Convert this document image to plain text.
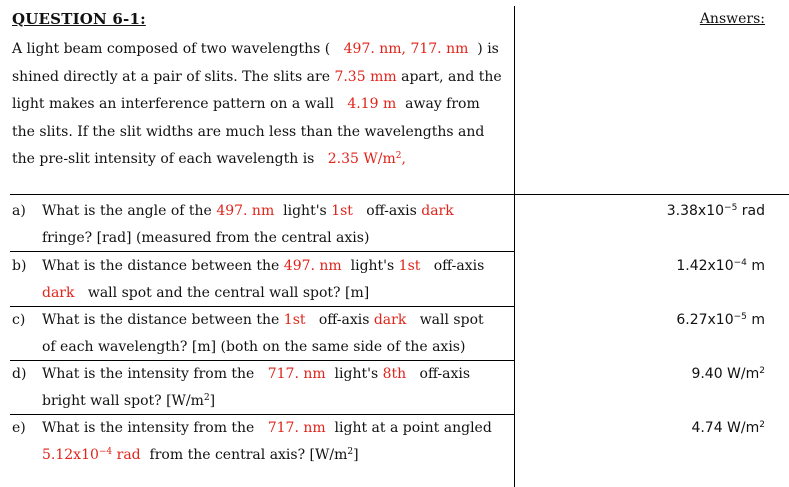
QUESTION 6-1:	Answers:
A light beam composed of two wavelengths ( 497. nm, 717. nm ) is
shined directly at a pair of slits. The slits are 7.35 mm apart, and the
light makes an interference pattern on a wall 4.19 m away from
the slits. If the slit widths are much less than the wavelengths and
the pre-slit intensity of each wavelength is 2.35 $W/m^2$,
a) What is the angle of the 497. nm light's 1st off-axis dark
fringe? [rad] (measured from the central axis)
$3.38x10^{-5}$ rad
b) What is the distance between the 497. nm light's 1st off-axis
dark wall spot and the central wall spot? [m]
$1.42x10^{-4}$ m
c) What is the distance between the 1st off-axis dark wall spot
of each wavelength? [m] (both on the same side of the axis)
$6.27x10^{-5}$ m
d) What is the intensity from the 717. nm light's 8th off-axis
bright wall spot? $[W/m^2]$
9.40 $W/m^2$
e) What is the intensity from the 717. nm light at a point angled
$5.12x10^{-4}$ rad from the central axis? $[W/m^2]$
4.74 $W/m^2$
